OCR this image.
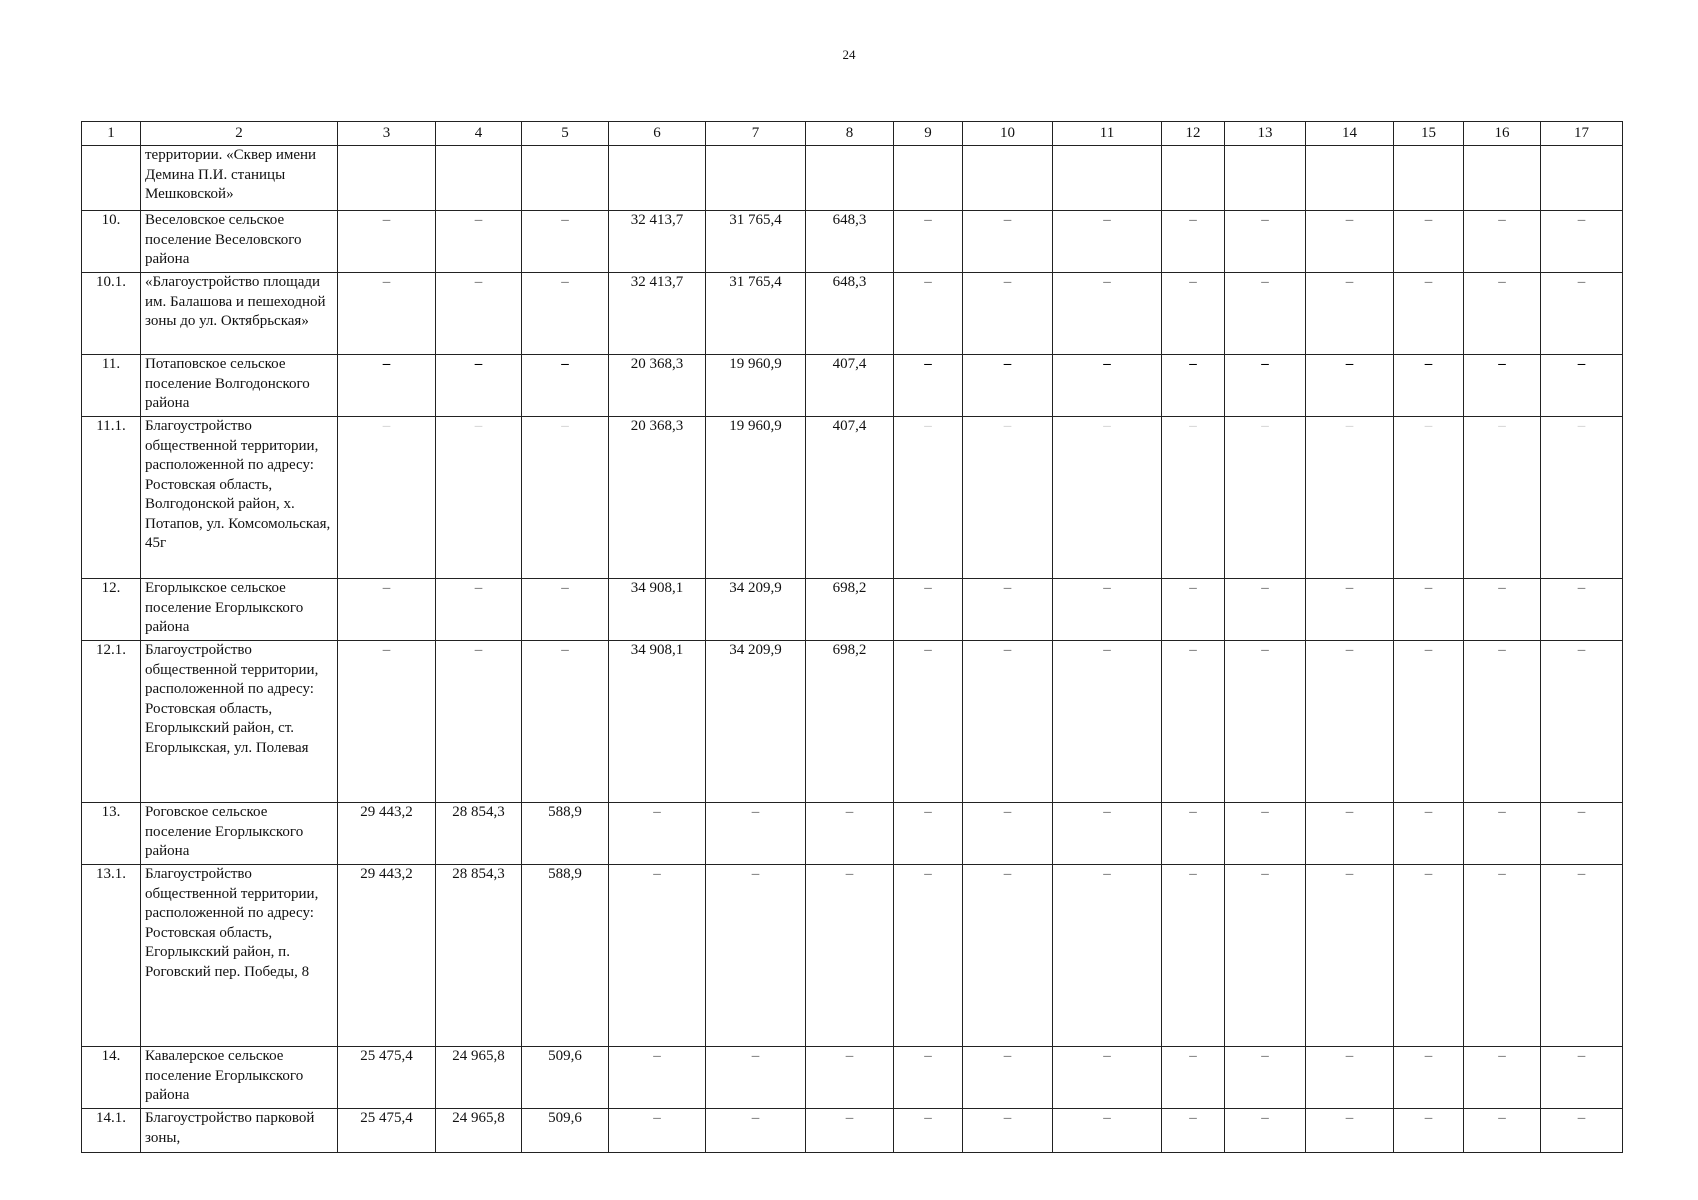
24
1	2	3	4	5	6	7	8	9	10	11	12	13	14	15	16	17
	территории. «Сквер имени Демина П.И. станицы Мешковской»															
10.	Веселовское сельское поселение Веселовского района	–	–	–	32 413,7	31 765,4	648,3	–	–	–	–	–	–	–	–	–
10.1.	«Благоустройство площади им. Балашова и пешеходной зоны до ул. Октябрьская»	–	–	–	32 413,7	31 765,4	648,3	–	–	–	–	–	–	–	–	–
11.	Потаповское сельское поселение Волгодонского района	–	–	–	20 368,3	19 960,9	407,4	–	–	–	–	–	–	–	–	–
11.1.	Благоустройство общественной территории, расположенной по адресу: Ростовская область, Волгодонской район, х. Потапов, ул. Комсомольская, 45г	–	–	–	20 368,3	19 960,9	407,4	–	–	–	–	–	–	–	–	–
12.	Егорлыкское сельское поселение Егорлыкского района	–	–	–	34 908,1	34 209,9	698,2	–	–	–	–	–	–	–	–	–
12.1.	Благоустройство общественной территории, расположенной по адресу: Ростовская область, Егорлыкский район, ст. Егорлыкская, ул. Полевая	–	–	–	34 908,1	34 209,9	698,2	–	–	–	–	–	–	–	–	–
13.	Роговское сельское поселение Егорлыкского района	29 443,2	28 854,3	588,9	–	–	–	–	–	–	–	–	–	–	–	–
13.1.	Благоустройство общественной территории, расположенной по адресу: Ростовская область, Егорлыкский район, п. Роговский пер. Победы, 8	29 443,2	28 854,3	588,9	–	–	–	–	–	–	–	–	–	–	–	–
14.	Кавалерское сельское поселение Егорлыкского района	25 475,4	24 965,8	509,6	–	–	–	–	–	–	–	–	–	–	–	–
14.1.	Благоустройство парковой зоны,	25 475,4	24 965,8	509,6	–	–	–	–	–	–	–	–	–	–	–	–
